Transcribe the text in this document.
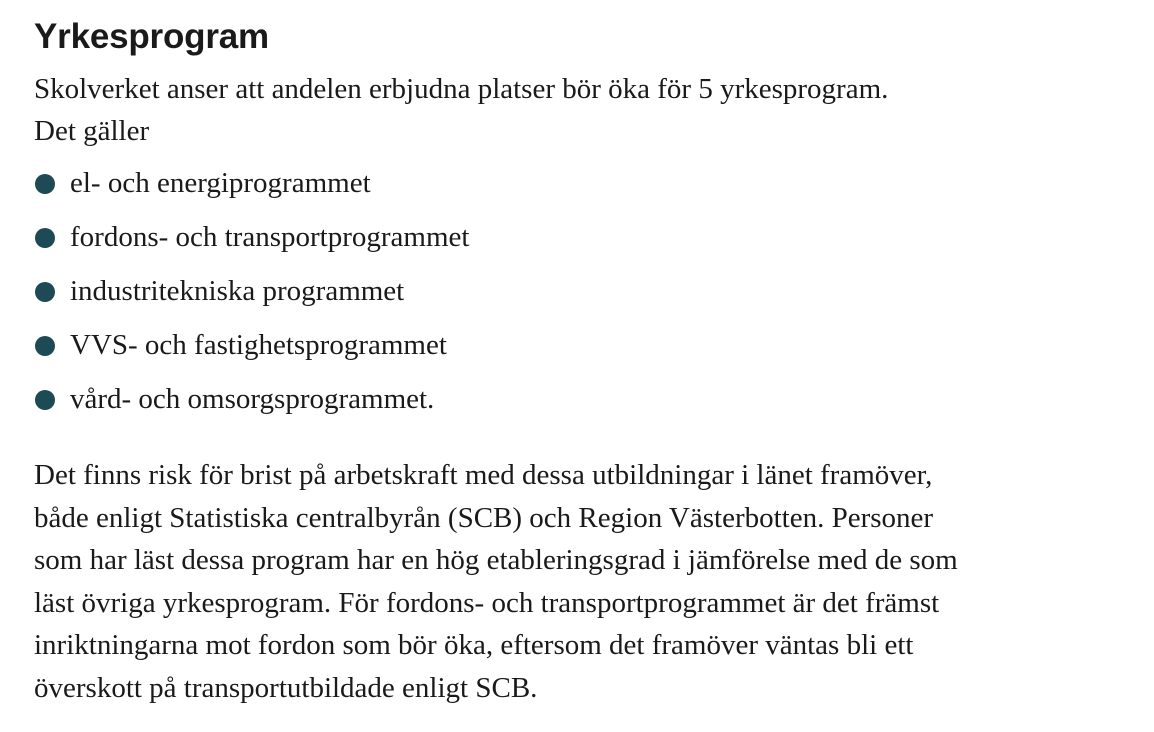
Yrkesprogram

Skolverket anser att andelen erbjudna platser bör öka för 5 yrkesprogram.
Det gäller

el- och energiprogrammet
fordons- och transportprogrammet
industritekniska programmet
VVS- och fastighetsprogrammet
vård- och omsorgsprogrammet.

Det finns risk för brist på arbetskraft med dessa utbildningar i länet framöver,
både enligt Statistiska centralbyrån (SCB) och Region Västerbotten. Personer
som har läst dessa program har en hög etableringsgrad i jämförelse med de som
läst övriga yrkesprogram. För fordons- och transportprogrammet är det främst
inriktningarna mot fordon som bör öka, eftersom det framöver väntas bli ett
överskott på transportutbildade enligt SCB.
